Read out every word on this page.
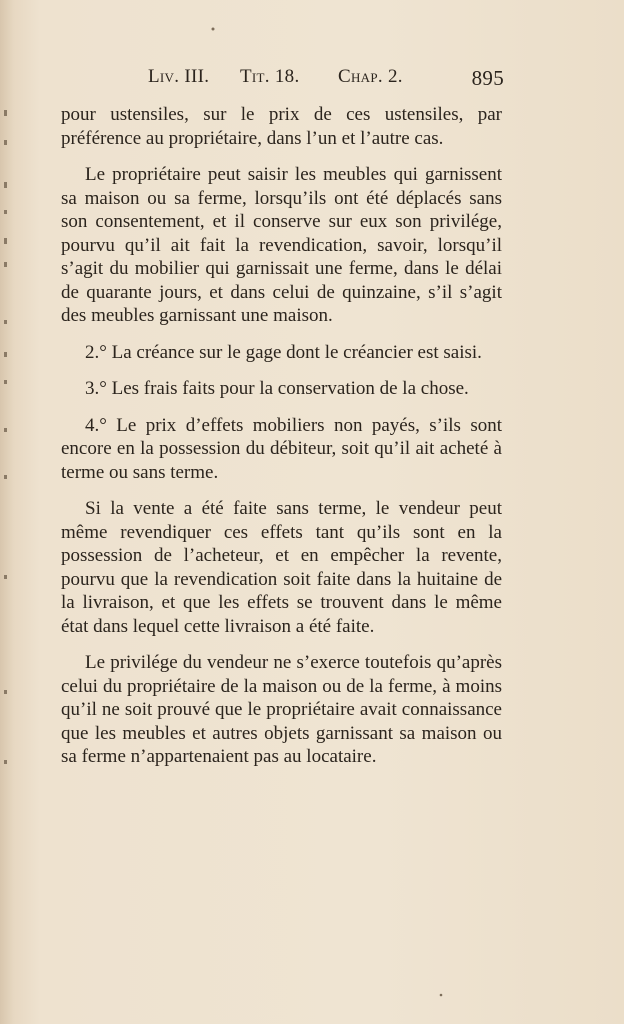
Liv. III. Tit. 18. Chap. 2.	895

pour ustensiles, sur le prix de ces ustensiles, par préférence au propriétaire, dans l’un et l’autre cas.

Le propriétaire peut saisir les meubles qui garnissent sa maison ou sa ferme, lorsqu’ils ont été déplacés sans son consentement, et il conserve sur eux son privilége, pourvu qu’il ait fait la revendication, savoir, lorsqu’il s’agit du mobilier qui garnissait une ferme, dans le délai de quarante jours, et dans celui de quinzaine, s’il s’agit des meubles garnissant une maison.

2.° La créance sur le gage dont le créancier est saisi.

3.° Les frais faits pour la conservation de la chose.

4.° Le prix d’effets mobiliers non payés, s’ils sont encore en la possession du débiteur, soit qu’il ait acheté à terme ou sans terme.

Si la vente a été faite sans terme, le vendeur peut même revendiquer ces effets tant qu’ils sont en la possession de l’acheteur, et en empêcher la revente, pourvu que la revendication soit faite dans la huitaine de la livraison, et que les effets se trouvent dans le même état dans lequel cette livraison a été faite.

Le privilége du vendeur ne s’exerce toutefois qu’après celui du propriétaire de la maison ou de la ferme, à moins qu’il ne soit prouvé que le propriétaire avait connaissance que les meubles et autres objets garnissant sa maison ou sa ferme n’appartenaient pas au locataire.
